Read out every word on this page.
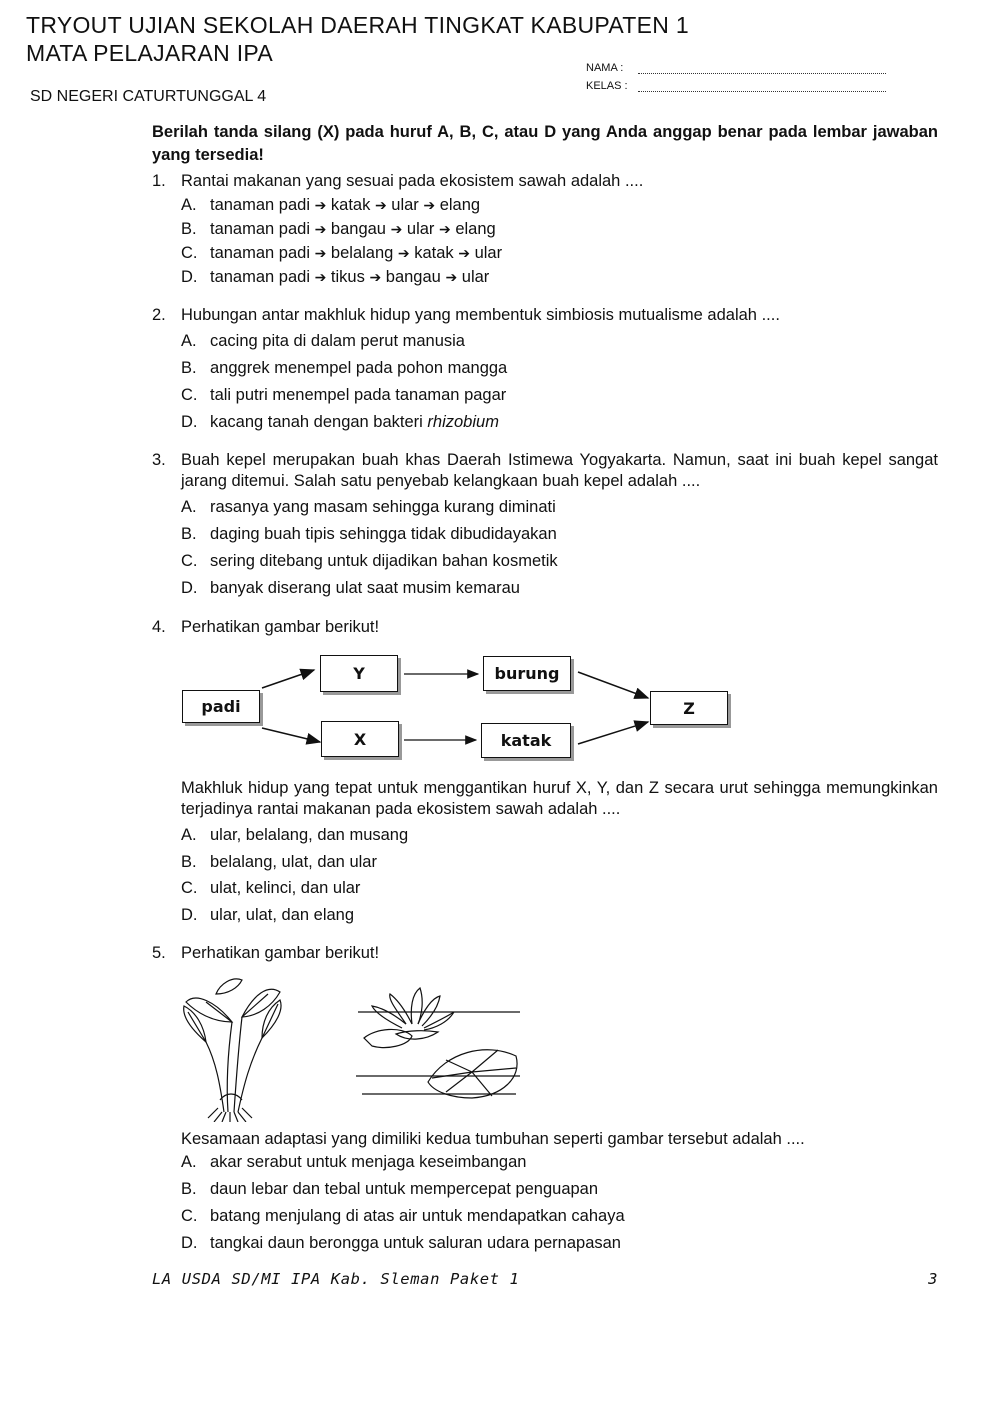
TRYOUT UJIAN SEKOLAH DAERAH TINGKAT KABUPATEN 1
MATA PELAJARAN IPA
SD NEGERI CATURTUNGGAL 4
NAMA :
KELAS :
Berilah tanda silang (X) pada huruf A, B, C, atau D yang Anda anggap benar pada lembar jawaban yang tersedia!
1. Rantai makanan yang sesuai pada ekosistem sawah adalah ....
A. tanaman padi ➔ katak ➔ ular ➔ elang
B. tanaman padi ➔ bangau ➔ ular ➔ elang
C. tanaman padi ➔ belalang ➔ katak ➔ ular
D. tanaman padi ➔ tikus ➔ bangau ➔ ular
2. Hubungan antar makhluk hidup yang membentuk simbiosis mutualisme adalah ....
A. cacing pita di dalam perut manusia
B. anggrek menempel pada pohon mangga
C. tali putri menempel pada tanaman pagar
D. kacang tanah dengan bakteri rhizobium
3. Buah kepel merupakan buah khas Daerah Istimewa Yogyakarta. Namun, saat ini buah kepel sangat jarang ditemui. Salah satu penyebab kelangkaan buah kepel adalah ....
A. rasanya yang masam sehingga kurang diminati
B. daging buah tipis sehingga tidak dibudidayakan
C. sering ditebang untuk dijadikan bahan kosmetik
D. banyak diserang ulat saat musim kemarau
4. Perhatikan gambar berikut!
padi
Y
X
burung
katak
Z
Makhluk hidup yang tepat untuk menggantikan huruf X, Y, dan Z secara urut sehingga memungkinkan terjadinya rantai makanan pada ekosistem sawah adalah ....
A. ular, belalang, dan musang
B. belalang, ulat, dan ular
C. ulat, kelinci, dan ular
D. ular, ulat, dan elang
5. Perhatikan gambar berikut!
Kesamaan adaptasi yang dimiliki kedua tumbuhan seperti gambar tersebut adalah ....
A. akar serabut untuk menjaga keseimbangan
B. daun lebar dan tebal untuk mempercepat penguapan
C. batang menjulang di atas air untuk mendapatkan cahaya
D. tangkai daun berongga untuk saluran udara pernapasan
LA USDA SD/MI IPA Kab. Sleman Paket 1	3
